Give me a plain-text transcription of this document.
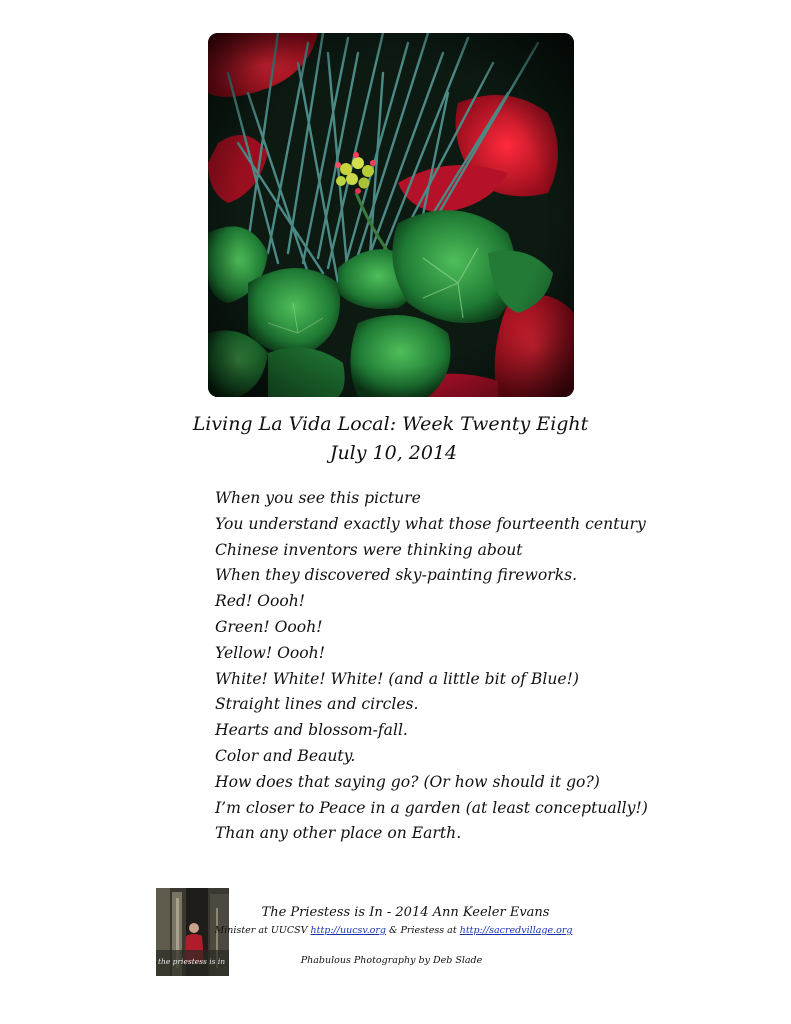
Living La Vida Local: Week Twenty Eight
July 10, 2014
When you see this picture
You understand exactly what those fourteenth century
Chinese inventors were thinking about
When they discovered sky-painting fireworks.
Red! Oooh!
Green! Oooh!
Yellow! Oooh!
White! White! White! (and a little bit of Blue!)
Straight lines and circles.
Hearts and blossom-fall.
Color and Beauty.
How does that saying go? (Or how should it go?)
I’m closer to Peace in a garden (at least conceptually!)
Than any other place on Earth.
the priestess is in
The Priestess is In - 2014 Ann Keeler Evans
Minister at UUCSV http://uucsv.org & Priestess at http://sacredvillage.org
Phabulous Photography by Deb Slade
